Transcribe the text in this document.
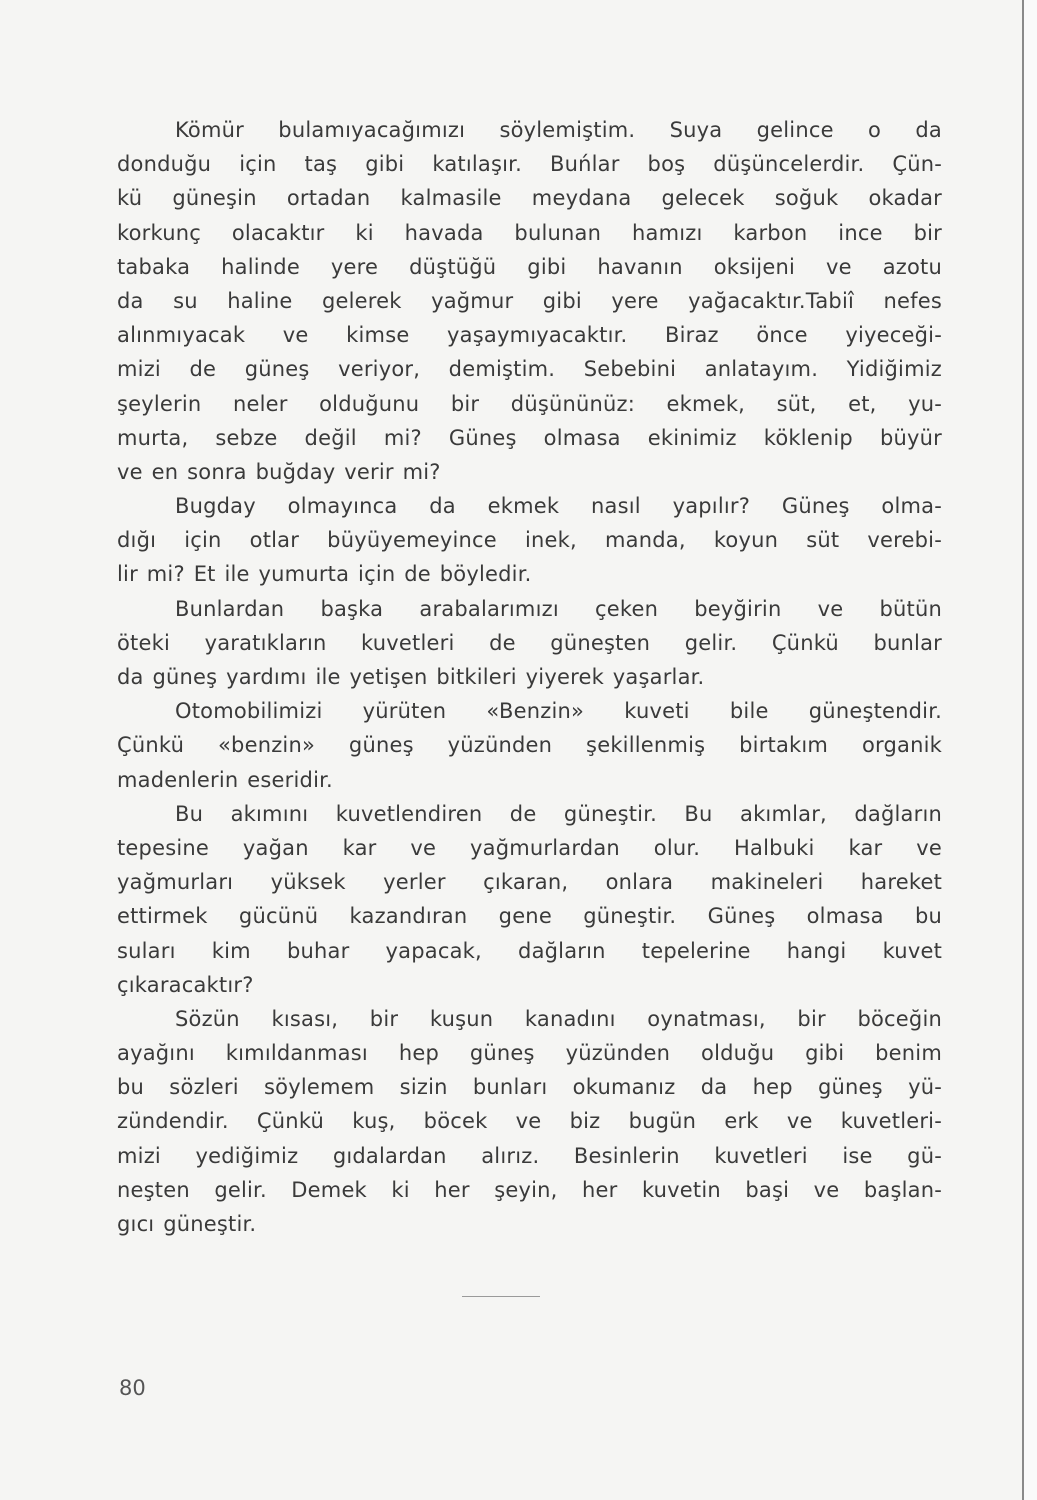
Kömür bulamıyacağımızı söylemiştim. Suya gelince o da
donduğu için taş gibi katılaşır. Buńlar boş düşüncelerdir. Çün-
kü güneşin ortadan kalmasile meydana gelecek soğuk okadar
korkunç olacaktır ki havada bulunan hamızı karbon ince bir
tabaka halinde yere düştüğü gibi havanın oksijeni ve azotu
da su haline gelerek yağmur gibi yere yağacaktır.Tabiî nefes
alınmıyacak ve kimse yaşaymıyacaktır. Biraz önce yiyeceği-
mizi de güneş veriyor, demiştim. Sebebini anlatayım. Yidiğimiz
şeylerin neler olduğunu bir düşününüz: ekmek, süt, et, yu-
murta, sebze değil mi? Güneş olmasa ekinimiz köklenip büyür
ve en sonra buğday verir mi?
Bugday olmayınca da ekmek nasıl yapılır? Güneş olma-
dığı için otlar büyüyemeyince inek, manda, koyun süt verebi-
lir mi? Et ile yumurta için de böyledir.
Bunlardan başka arabalarımızı çeken beyğirin ve bütün
öteki yaratıkların kuvetleri de güneşten gelir. Çünkü bunlar
da güneş yardımı ile yetişen bitkileri yiyerek yaşarlar.
Otomobilimizi yürüten «Benzin» kuveti bile güneştendir.
Çünkü «benzin» güneş yüzünden şekillenmiş birtakım organik
madenlerin eseridir.
Bu akımını kuvetlendiren de güneştir. Bu akımlar, dağların
tepesine yağan kar ve yağmurlardan olur. Halbuki kar ve
yağmurları yüksek yerler çıkaran, onlara makineleri hareket
ettirmek gücünü kazandıran gene güneştir. Güneş olmasa bu
suları kim buhar yapacak, dağların tepelerine hangi kuvet
çıkaracaktır?
Sözün kısası, bir kuşun kanadını oynatması, bir böceğin
ayağını kımıldanması hep güneş yüzünden olduğu gibi benim
bu sözleri söylemem sizin bunları okumanız da hep güneş yü-
zündendir. Çünkü kuş, böcek ve biz bugün erk ve kuvetleri-
mizi yediğimiz gıdalardan alırız. Besinlerin kuvetleri ise gü-
neşten gelir. Demek ki her şeyin, her kuvetin başi ve başlan-
gıcı güneştir.
80
